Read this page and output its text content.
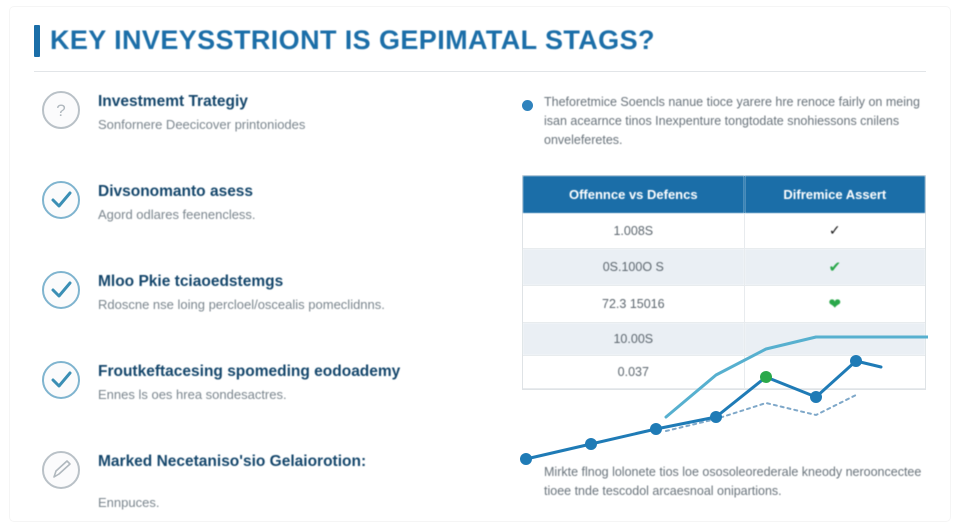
KEY INVEYSSTRIONT IS GEPIMATAL STAGS?
? Investmemt Trategiy
Sonfornere Deecicover printoniodes
Divsonomanto asess
Agord odlares feenencless.
Mloo Pkie tciaoedstemgs
Rdoscne nse loing percloel/oscealis pomeclidnns.
Froutkeftacesing spomeding eodoademy
Ennes ls oes hrea sondesactres.
Marked Necetaniso'sio Gelaiorotion:
Ennpuces.
Theforetmice Soencls nanue tioce yarere hre renoce fairly on meing isan acearnce tinos Inexpenture tongtodate snohiessons cnilens onveleferetes.
Offennce vs Defencs	Difremice Assert
1.008S	✓
0S.100O S	✔
72.3 15016	❤
10.00S	
0.037	
Mirkte flnog lolonete tios loe ososoleorederale kneody nerooncectee tioee tnde tescodol arcaesnoal onipartions.
